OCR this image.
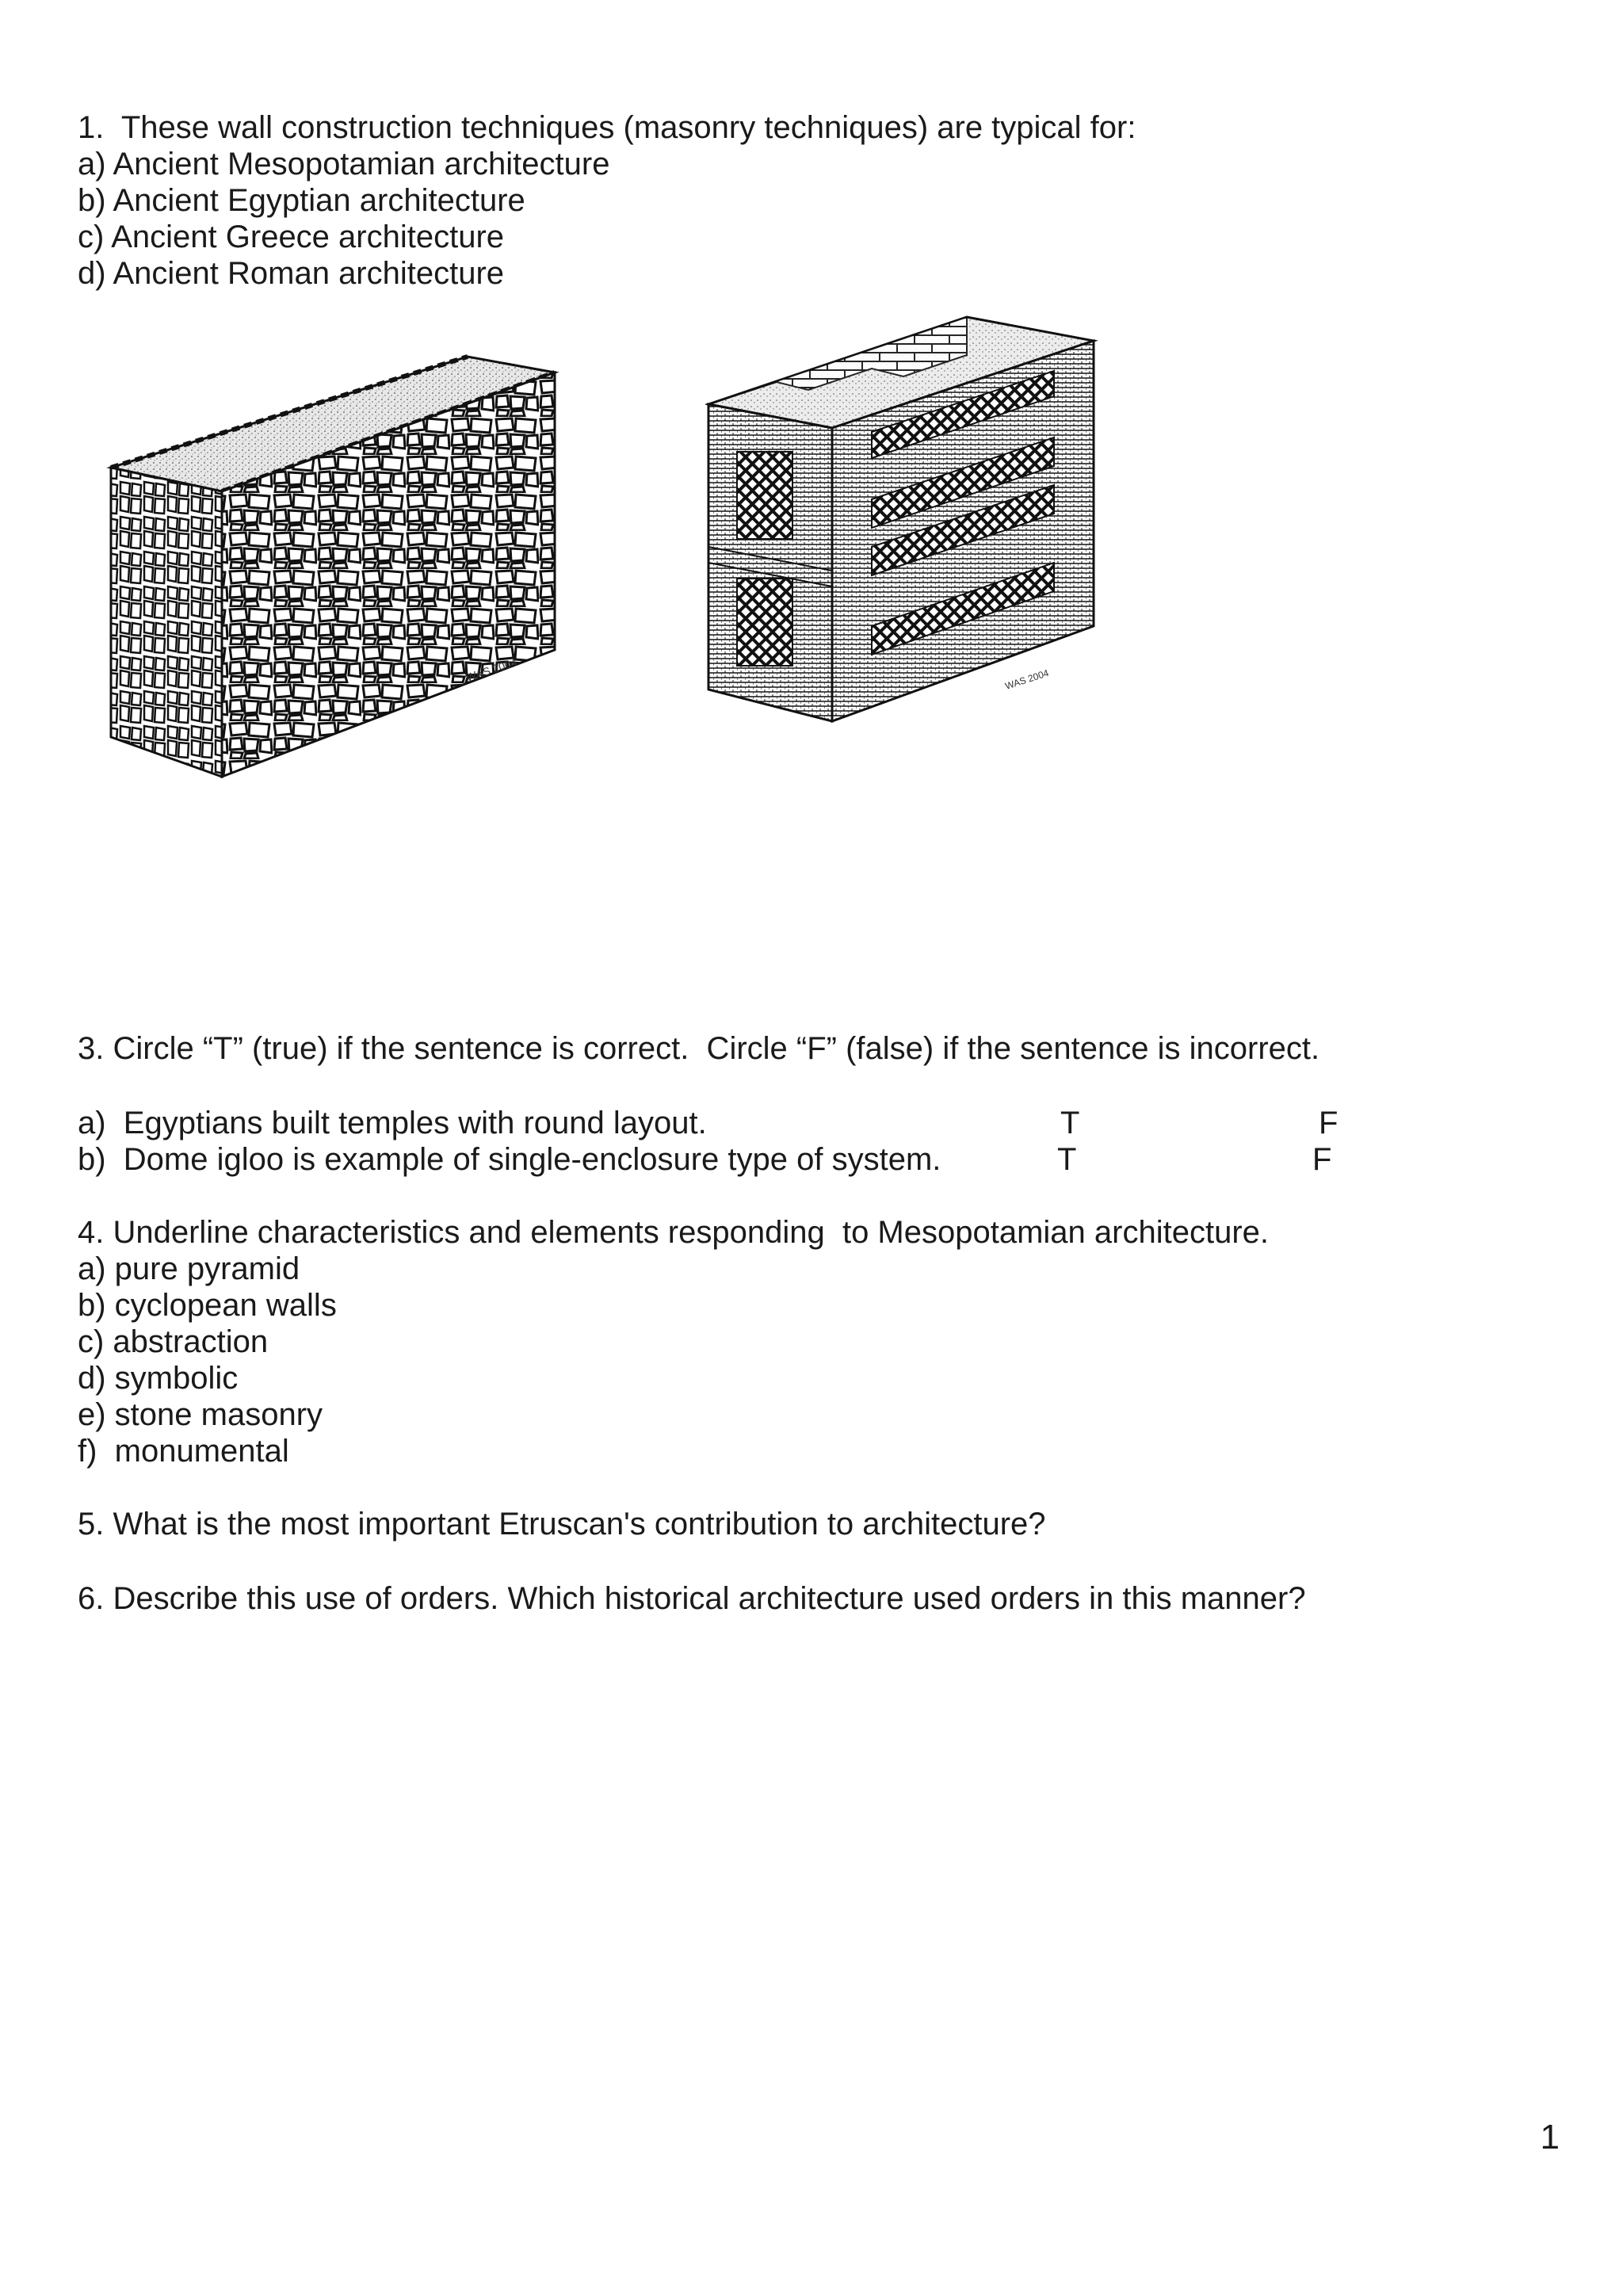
1.  These wall construction techniques (masonry techniques) are typical for:
a) Ancient Mesopotamian architecture
b) Ancient Egyptian architecture
c) Ancient Greece architecture
d) Ancient Roman architecture
WAS 2004	WAS 2004
3. Circle “T” (true) if the sentence is correct.  Circle “F” (false) if the sentence is incorrect.
a)  Egyptians built temples with round layout.	T	F
b)  Dome igloo is example of single-enclosure type of system.	T	F
4. Underline characteristics and elements responding  to Mesopotamian architecture.
a) pure pyramid
b) cyclopean walls
c) abstraction
d) symbolic
e) stone masonry
f)  monumental
5. What is the most important Etruscan's contribution to architecture?
6. Describe this use of orders. Which historical architecture used orders in this manner?
1
